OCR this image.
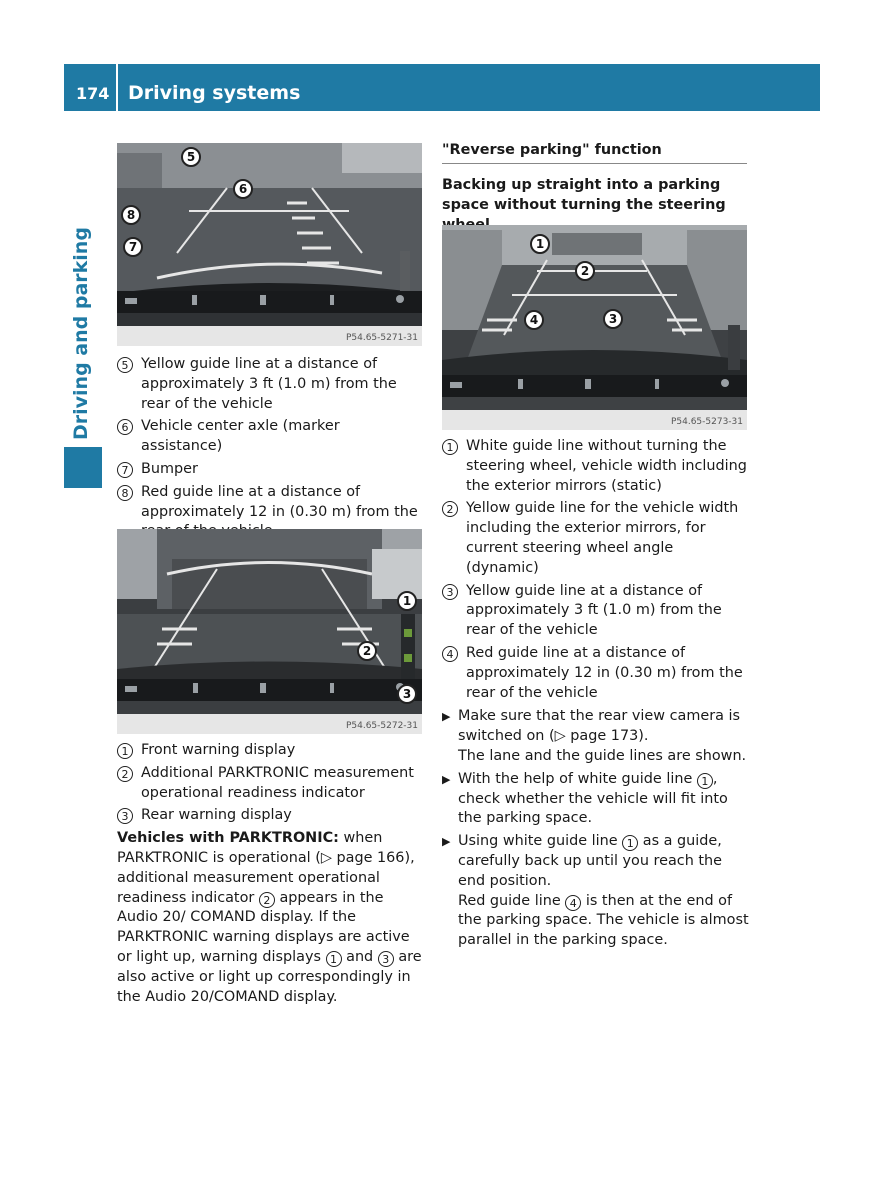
174 Driving systems
Driving and parking	P54.65-5271-31
5
6
8
7
5 Yellow guide line at a distance of approximately 3 ft (1.0 m) from the rear of the vehicle
6 Vehicle center axle (marker assistance)
7 Bumper
8 Red guide line at a distance of approximately 12 in (0.30 m) from the
P54.65-5272-31
1
2
3
1 Front warning display
2 Additional PARKTRONIC measurement operational readiness indicator
3 Rear warning display
Vehicles with PARKTRONIC: when PARKTRONIC is operational (▷ page 166), additional measurement operational readiness indicator 2 appears in the Audio 20/ COMAND display. If the PARKTRONIC warning displays are active or light up, warning displays 1 and 3 are also active or light up correspondingly in the Audio 20/COMAND display.
"Reverse parking" function
Backing up straight into a parking space without turning the steering
P54.65-5273-31
1
2
4	3
1 White guide line without turning the steering wheel, vehicle width including the exterior mirrors (static)
2 Yellow guide line for the vehicle width including the exterior mirrors, for current steering wheel angle (dynamic)
3 Yellow guide line at a distance of approximately 3 ft (1.0 m) from the rear of the vehicle
4 Red guide line at a distance of approximately 12 in (0.30 m) from the rear of the vehicle
▶ Make sure that the rear view camera is switched on (▷ page 173).
The lane and the guide lines are shown.
▶ With the help of white guide line 1 , check whether the vehicle will fit into the parking space.
▶ Using white guide line 1 as a guide, carefully back up until you reach the end position.
Red guide line 4 is then at the end of the parking space. The vehicle is almost parallel in the parking space.
